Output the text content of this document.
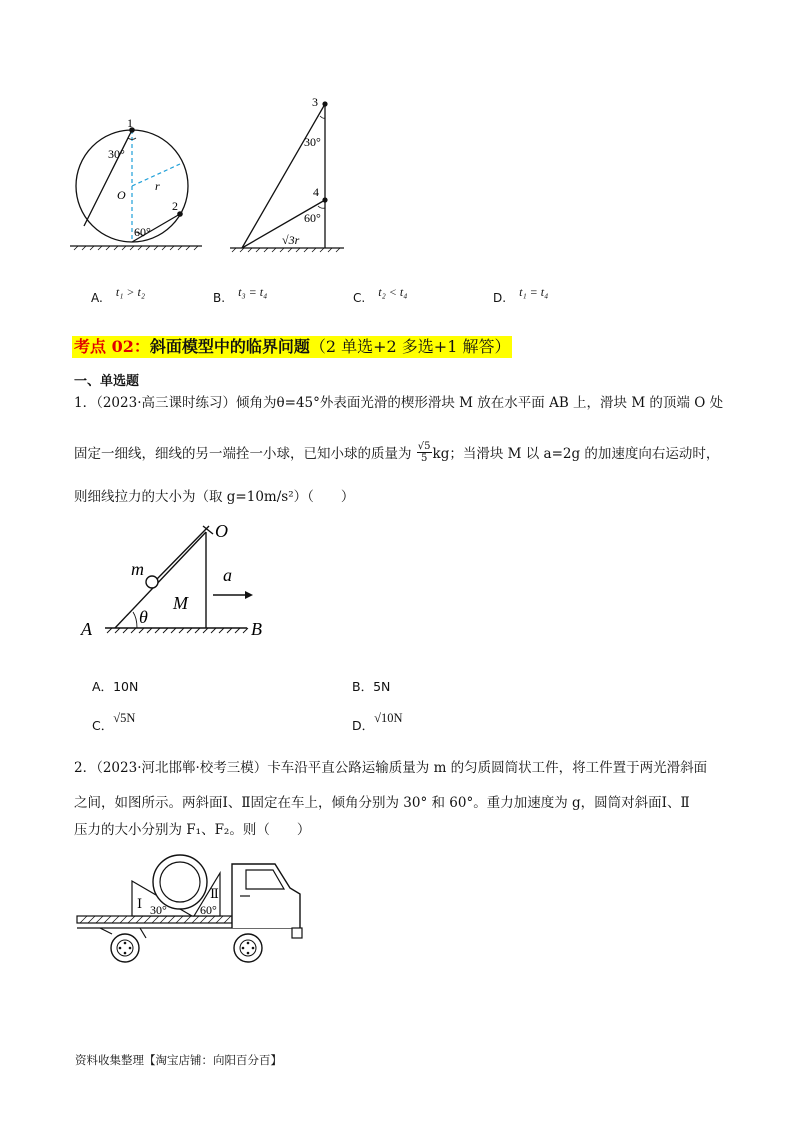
1
30°
O
r
2
60°
3
30°
4
60°
√3r
A. $^{t_1 > t_2}$	B. $^{t_3 = t_4}$	C. $^{t_2 < t_4}$	D. $^{t_1 = t_4}$
考点 02：斜面模型中的临界问题（2 单选+2 多选+1 解答）
一、单选题
1．（2023·高三课时练习）倾角为θ=45°外表面光滑的楔形滑块 M 放在水平面 AB 上，滑块 M 的顶端 O 处
固定一细线，细线的另一端拴一小球，已知小球的质量为 $\frac{√5}{5}$ kg；当滑块 M 以 a=2g 的加速度向右运动时，
则细线拉力的大小为（取 g=10m/s²）（　　）
O
m	a
M
A
θ
B
A．10N	B．5N
C．√5N	D．√10N
2．（2023·河北邯郸·校考三模）卡车沿平直公路运输质量为 m 的匀质圆筒状工件，将工件置于两光滑斜面
之间，如图所示。两斜面Ⅰ、Ⅱ固定在车上，倾角分别为 30° 和 60°。重力加速度为 g，圆筒对斜面Ⅰ、Ⅱ
压力的大小分别为 F₁、F₂。则（　　）
Ⅰ 30°
Ⅱ
60°
资料收集整理【淘宝店铺：向阳百分百】
